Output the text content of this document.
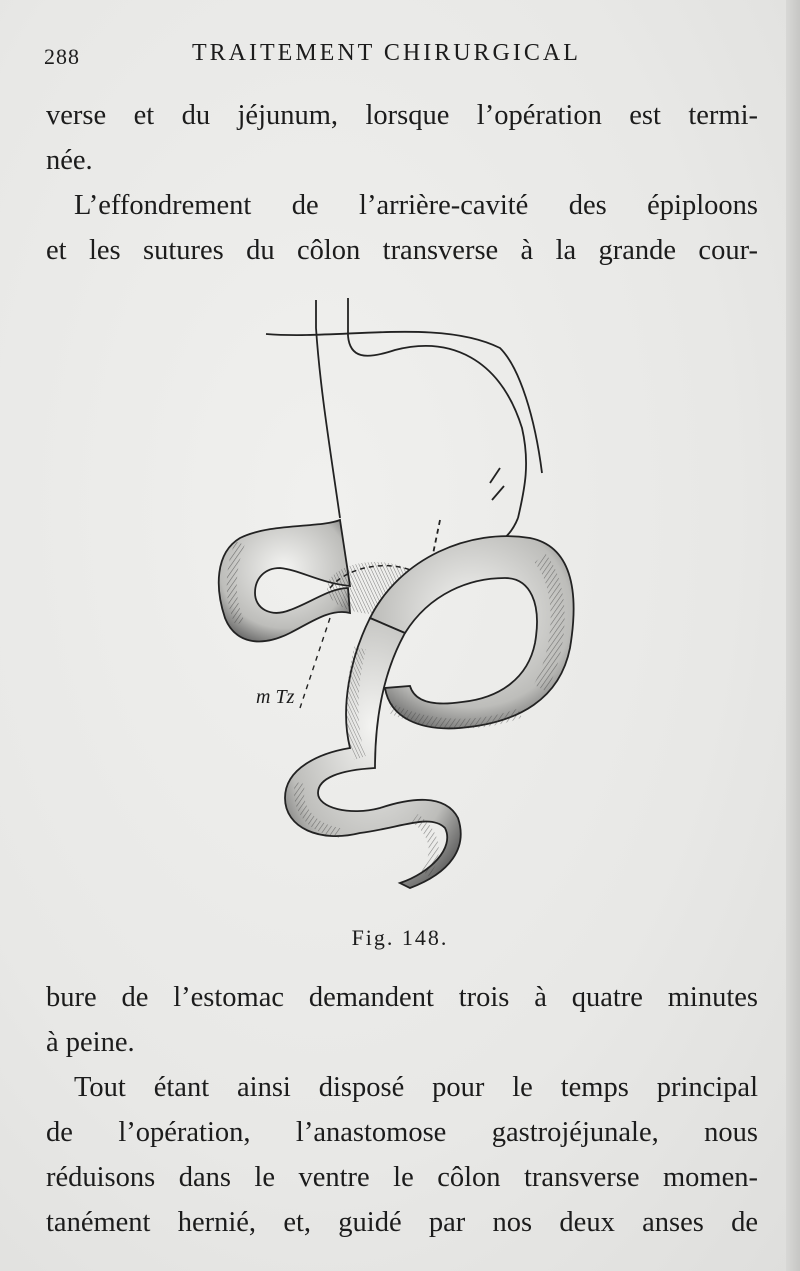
288	TRAITEMENT CHIRURGICAL
verse et du jéjunum, lorsque l’opération est termi-
née.
L’effondrement de l’arrière-cavité des épiploons
et les sutures du côlon transverse à la grande cour-
m Tz
Fig. 148.
bure de l’estomac demandent trois à quatre minutes
à peine.
Tout étant ainsi disposé pour le temps principal
de l’opération, l’anastomose gastrojéjunale, nous
réduisons dans le ventre le côlon transverse momen-
tanément hernié, et, guidé par nos deux anses de
